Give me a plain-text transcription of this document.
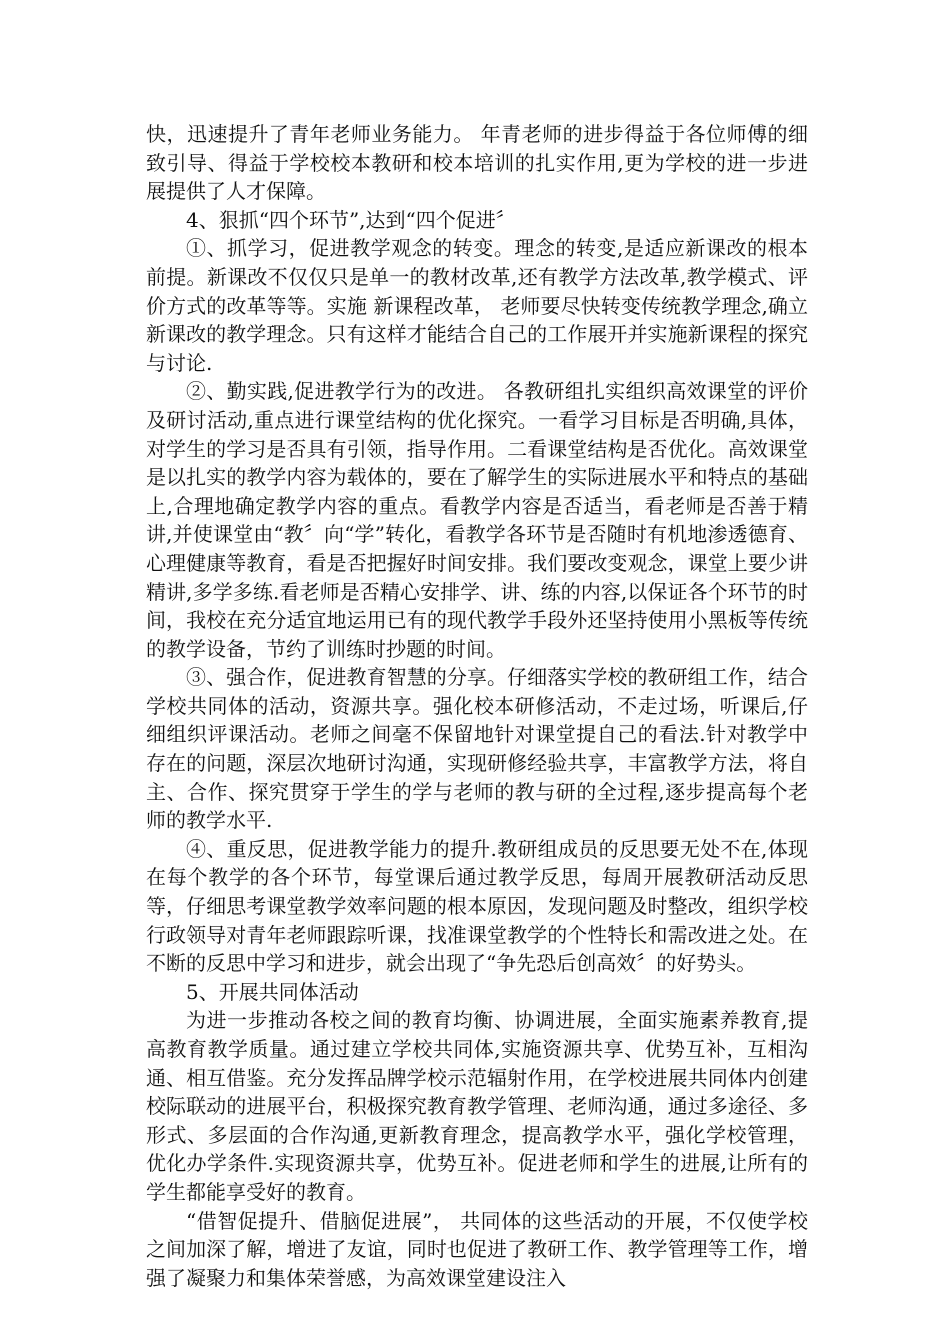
快，迅速提升了青年老师业务能力。 年青老师的进步得益于各位师傅的细致引导、得益于学校校本教研和校本培训的扎实作用,更为学校的进一步进展提供了人才保障。

4、狠抓“四个环节”,达到“四个促进〞

①、抓学习，促进教学观念的转变。理念的转变,是适应新课改的根本前提。新课改不仅仅只是单一的教材改革,还有教学方法改革,教学模式、评价方式的改革等等。实施 新课程改革， 老师要尽快转变传统教学理念,确立新课改的教学理念。只有这样才能结合自己的工作展开并实施新课程的探究与讨论.

②、勤实践,促进教学行为的改进。 各教研组扎实组织高效课堂的评价及研讨活动,重点进行课堂结构的优化探究。一看学习目标是否明确,具体，对学生的学习是否具有引领，指导作用。二看课堂结构是否优化。高效课堂是以扎实的教学内容为载体的，要在了解学生的实际进展水平和特点的基础上,合理地确定教学内容的重点。看教学内容是否适当，看老师是否善于精讲,并使课堂由“教〞向“学”转化，看教学各环节是否随时有机地渗透德育、心理健康等教育，看是否把握好时间安排。我们要改变观念，课堂上要少讲精讲,多学多练.看老师是否精心安排学、讲、练的内容,以保证各个环节的时间，我校在充分适宜地运用已有的现代教学手段外还坚持使用小黑板等传统的教学设备，节约了训练时抄题的时间。

③、强合作，促进教育智慧的分享。仔细落实学校的教研组工作，结合学校共同体的活动，资源共享。强化校本研修活动，不走过场，听课后,仔细组织评课活动。老师之间毫不保留地针对课堂提自己的看法.针对教学中存在的问题，深层次地研讨沟通，实现研修经验共享，丰富教学方法，将自主、合作、探究贯穿于学生的学与老师的教与研的全过程,逐步提高每个老师的教学水平.

④、重反思，促进教学能力的提升.教研组成员的反思要无处不在,体现在每个教学的各个环节，每堂课后通过教学反思，每周开展教研活动反思等，仔细思考课堂教学效率问题的根本原因，发现问题及时整改，组织学校行政领导对青年老师跟踪听课，找准课堂教学的个性特长和需改进之处。在不断的反思中学习和进步，就会出现了“争先恐后创高效〞的好势头。

5、开展共同体活动

为进一步推动各校之间的教育均衡、协调进展，全面实施素养教育,提高教育教学质量。通过建立学校共同体,实施资源共享、优势互补，互相沟通、相互借鉴。充分发挥品牌学校示范辐射作用，在学校进展共同体内创建校际联动的进展平台，积极探究教育教学管理、老师沟通，通过多途径、多形式、多层面的合作沟通,更新教育理念，提高教学水平，强化学校管理，优化办学条件.实现资源共享，优势互补。促进老师和学生的进展,让所有的学生都能享受好的教育。

“借智促提升、借脑促进展”， 共同体的这些活动的开展，不仅使学校之间加深了解，增进了友谊，同时也促进了教研工作、教学管理等工作，增强了凝聚力和集体荣誉感，为高效课堂建设注入
